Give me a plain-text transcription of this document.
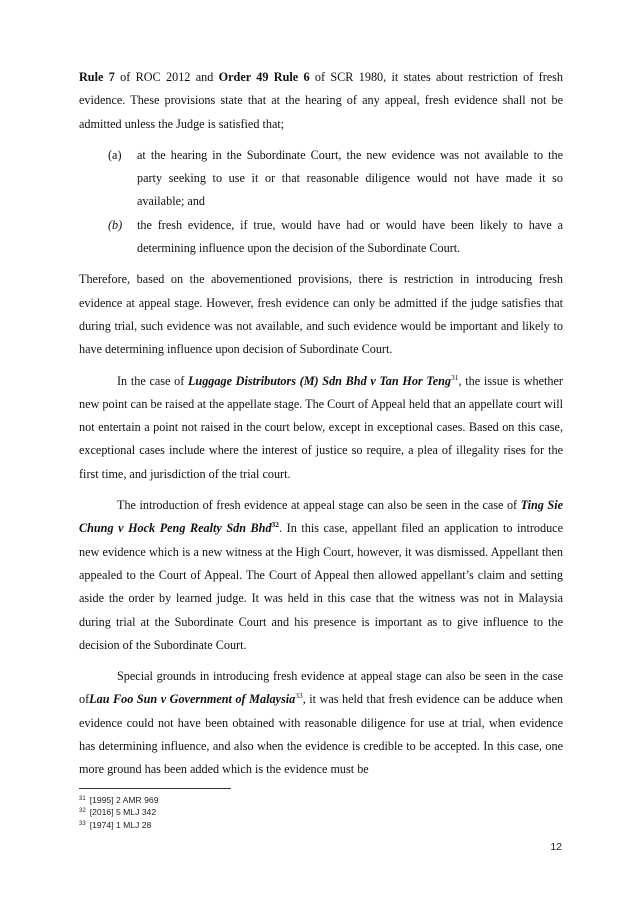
Rule 7 of ROC 2012 and Order 49 Rule 6 of SCR 1980, it states about restriction of fresh evidence. These provisions state that at the hearing of any appeal, fresh evidence shall not be admitted unless the Judge is satisfied that;

(a) at the hearing in the Subordinate Court, the new evidence was not available to the party seeking to use it or that reasonable diligence would not have made it so available; and
(b) the fresh evidence, if true, would have had or would have been likely to have a determining influence upon the decision of the Subordinate Court.

Therefore, based on the abovementioned provisions, there is restriction in introducing fresh evidence at appeal stage. However, fresh evidence can only be admitted if the judge satisfies that during trial, such evidence was not available, and such evidence would be important and likely to have determining influence upon decision of Subordinate Court.

In the case of Luggage Distributors (M) Sdn Bhd v Tan Hor Teng$^{31}$, the issue is whether new point can be raised at the appellate stage. The Court of Appeal held that an appellate court will not entertain a point not raised in the court below, except in exceptional cases. Based on this case, exceptional cases include where the interest of justice so require, a plea of illegality rises for the first time, and jurisdiction of the trial court.

The introduction of fresh evidence at appeal stage can also be seen in the case of Ting Sie Chung v Hock Peng Realty Sdn Bhd$^{32}$. In this case, appellant filed an application to introduce new evidence which is a new witness at the High Court, however, it was dismissed. Appellant then appealed to the Court of Appeal. The Court of Appeal then allowed appellant’s claim and setting aside the order by learned judge. It was held in this case that the witness was not in Malaysia during trial at the Subordinate Court and his presence is important as to give influence to the decision of the Subordinate Court.

Special grounds in introducing fresh evidence at appeal stage can also be seen in the case ofLau Foo Sun v Government of Malaysia$^{33}$, it was held that fresh evidence can be adduce when evidence could not have been obtained with reasonable diligence for use at trial, when evidence has determining influence, and also when the evidence is credible to be accepted. In this case, one more ground has been added which is the evidence must be

$^{31}$ [1995] 2 AMR 969
$^{32}$ [2016] 5 MLJ 342
$^{33}$ [1974] 1 MLJ 28
12
